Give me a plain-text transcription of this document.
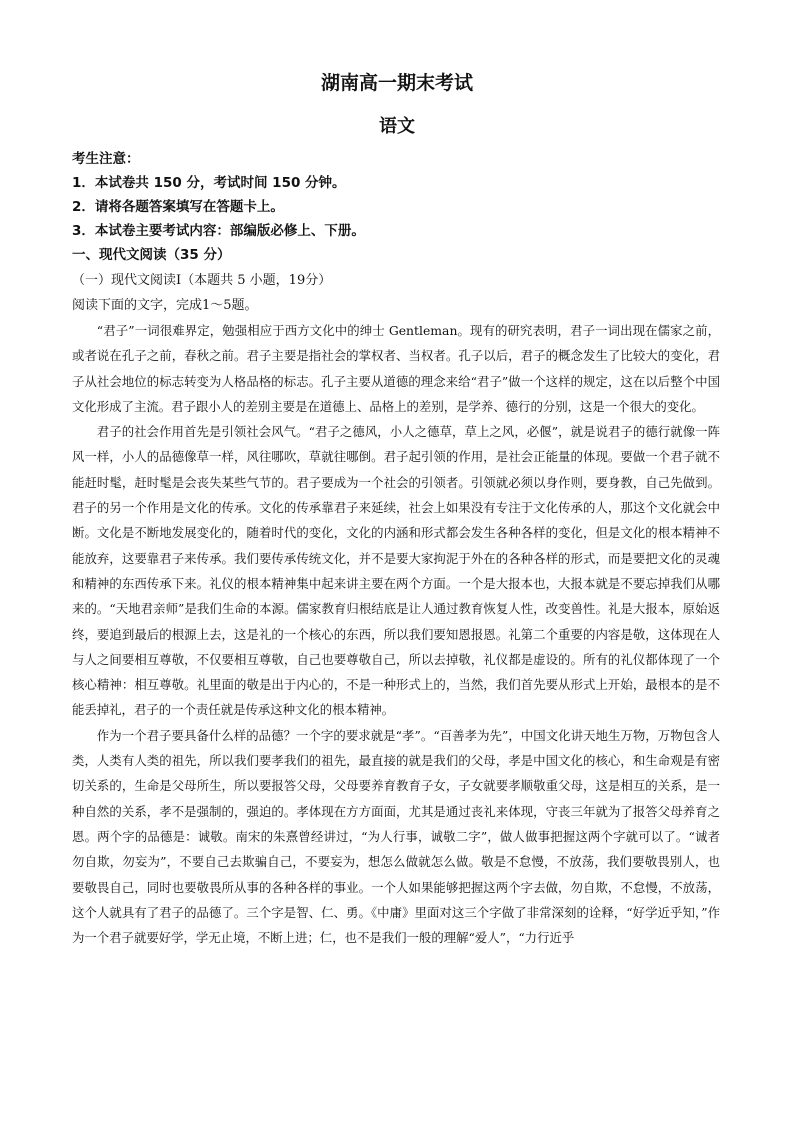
湖南高一期末考试
语文
考生注意：
1．本试卷共 150 分，考试时间 150 分钟。
2．请将各题答案填写在答题卡上。
3．本试卷主要考试内容：部编版必修上、下册。
一、现代文阅读（35 分）
（一）现代文阅读Ⅰ（本题共 5 小题，19分）
阅读下面的文字，完成1～5题。

“君子”一词很难界定，勉强相应于西方文化中的绅士 Gentleman。现有的研究表明，君子一词出现在儒家之前，或者说在孔子之前，春秋之前。君子主要是指社会的掌权者、当权者。孔子以后，君子的概念发生了比较大的变化，君子从社会地位的标志转变为人格品格的标志。孔子主要从道德的理念来给“君子”做一个这样的规定，这在以后整个中国文化形成了主流。君子跟小人的差别主要是在道德上、品格上的差别，是学养、德行的分别，这是一个很大的变化。

君子的社会作用首先是引领社会风气。“君子之德风，小人之德草，草上之风，必偃”，就是说君子的德行就像一阵风一样，小人的品德像草一样，风往哪吹，草就往哪倒。君子起引领的作用，是社会正能量的体现。要做一个君子就不能赶时髦，赶时髦是会丧失某些气节的。君子要成为一个社会的引领者。引领就必须以身作则，要身教，自己先做到。君子的另一个作用是文化的传承。文化的传承靠君子来延续，社会上如果没有专注于文化传承的人，那这个文化就会中断。文化是不断地发展变化的，随着时代的变化，文化的内涵和形式都会发生各种各样的变化，但是文化的根本精神不能放弃，这要靠君子来传承。我们要传承传统文化，并不是要大家拘泥于外在的各种各样的形式，而是要把文化的灵魂和精神的东西传承下来。礼仪的根本精神集中起来讲主要在两个方面。一个是大报本也，大报本就是不要忘掉我们从哪来的。“天地君亲师”是我们生命的本源。儒家教育归根结底是让人通过教育恢复人性，改变兽性。礼是大报本，原始返终，要追到最后的根源上去，这是礼的一个核心的东西，所以我们要知恩报恩。礼第二个重要的内容是敬，这体现在人与人之间要相互尊敬，不仅要相互尊敬，自己也要尊敬自己，所以去掉敬，礼仪都是虚设的。所有的礼仪都体现了一个核心精神：相互尊敬。礼里面的敬是出于内心的，不是一种形式上的，当然，我们首先要从形式上开始，最根本的是不能丢掉礼，君子的一个责任就是传承这种文化的根本精神。

作为一个君子要具备什么样的品德？一个字的要求就是“孝”。“百善孝为先”，中国文化讲天地生万物，万物包含人类，人类有人类的祖先，所以我们要孝我们的祖先，最直接的就是我们的父母，孝是中国文化的核心，和生命观是有密切关系的，生命是父母所生，所以要报答父母，父母要养育教育子女，子女就要孝顺敬重父母，这是相互的关系，是一种自然的关系，孝不是强制的，强迫的。孝体现在方方面面，尤其是通过丧礼来体现，守丧三年就为了报答父母养育之恩。两个字的品德是：诚敬。南宋的朱熹曾经讲过，“为人行事，诚敬二字”，做人做事把握这两个字就可以了。“诚者勿自欺，勿妄为”，不要自己去欺骗自己，不要妄为，想怎么做就怎么做。敬是不怠慢，不放荡，我们要敬畏别人，也要敬畏自己，同时也要敬畏所从事的各种各样的事业。一个人如果能够把握这两个字去做，勿自欺，不怠慢，不放荡，这个人就具有了君子的品德了。三个字是智、仁、勇。《中庸》里面对这三个字做了非常深刻的诠释，“好学近乎知，”作为一个君子就要好学，学无止境，不断上进；仁，也不是我们一般的理解“爱人”，“力行近乎
